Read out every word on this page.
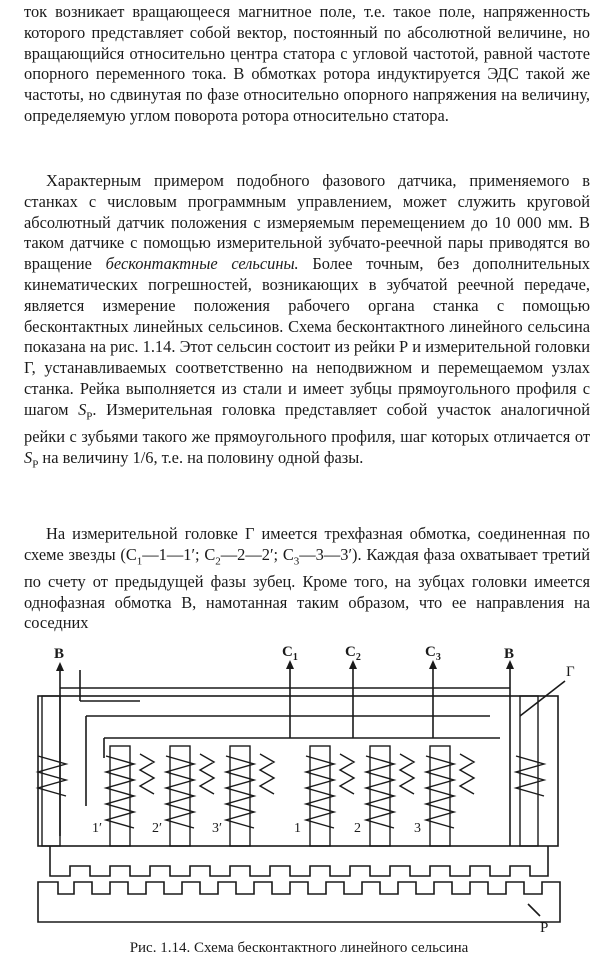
ток возникает вращающееся магнитное поле, т.е. такое поле, напряженность которого представляет собой вектор, постоянный по абсолютной величине, но вращающийся относительно центра статора с угловой частотой, равной частоте опорного переменного тока. В обмотках ротора индуктируется ЭДС такой же частоты, но сдвинутая по фазе относительно опорного напряжения на величину, определяемую углом поворота ротора относительно статора.
Характерным примером подобного фазового датчика, применяемого в станках с числовым программным управлением, может служить круговой абсолютный датчик положения с измеряемым перемещением до 10 000 мм. В таком датчике с помощью измерительной зубчато-реечной пары приводятся во вращение бесконтактные сельсины. Более точным, без дополнительных кинематических погрешностей, возникающих в зубчатой реечной передаче, является измерение положения рабочего органа станка с помощью бесконтактных линейных сельсинов. Схема бесконтактного линейного сельсина показана на рис. 1.14. Этот сельсин состоит из рейки Р и измерительной головки Г, устанавливаемых соответственно на неподвижном и перемещаемом узлах станка. Рейка выполняется из стали и имеет зубцы прямоугольного профиля с шагом $S_P$. Измерительная головка представляет собой участок аналогичной рейки с зубьями такого же прямоугольного профиля, шаг которых отличается от $S_P$ на величину 1/6, т.е. на половину одной фазы.
На измерительной головке Г имеется трехфазная обмотка, соединенная по схеме звезды ($C_1—1—1'$; $C_2—2—2'$; $C_3—3—3'$). Каждая фаза охватывает третий по счету от предыдущей фазы зубец. Кроме того, на зубцах головки имеется однофазная обмотка В, намотанная таким образом, что ее направления на соседних
B	$C_1$	$C_2$	$C_3$	B
Г
Р
1′	2′	3′	1	2	3
Рис. 1.14. Схема бесконтактного линейного сельсина
